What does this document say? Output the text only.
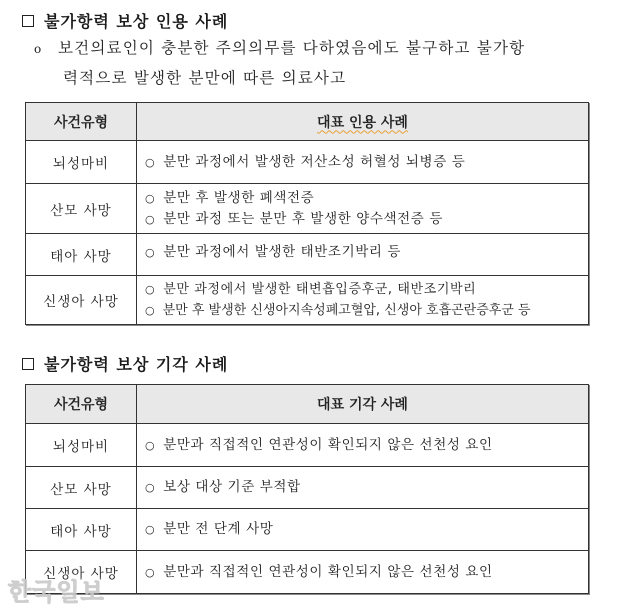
불가항력 보상 인용 사례
o 보건의료인이 충분한 주의의무를 다하였음에도 불구하고 불가항
력적으로 발생한 분만에 따른 의료사고
사건유형	대표 인용 사례
뇌성마비	○ 분만 과정에서 발생한 저산소성 허혈성 뇌병증 등

산모 사망	○ 분만 후 발생한 폐색전증
○ 분만 과정 또는 분만 후 발생한 양수색전증 등

태아 사망	○ 분만 과정에서 발생한 태반조기박리 등

신생아 사망	○ 분만 과정에서 발생한 태변흡입증후군, 태반조기박리
○ 분만 후 발생한 신생아지속성폐고혈압, 신생아 호흡곤란증후군 등
불가항력 보상 기각 사례
사건유형	대표 기각 사례
뇌성마비	○ 분만과 직접적인 연관성이 확인되지 않은 선천성 요인

산모 사망	○ 보상 대상 기준 부적합

태아 사망	○ 분만 전 단계 사망

신생아 사망	○ 분만과 직접적인 연관성이 확인되지 않은 선천성 요인
한국일보
